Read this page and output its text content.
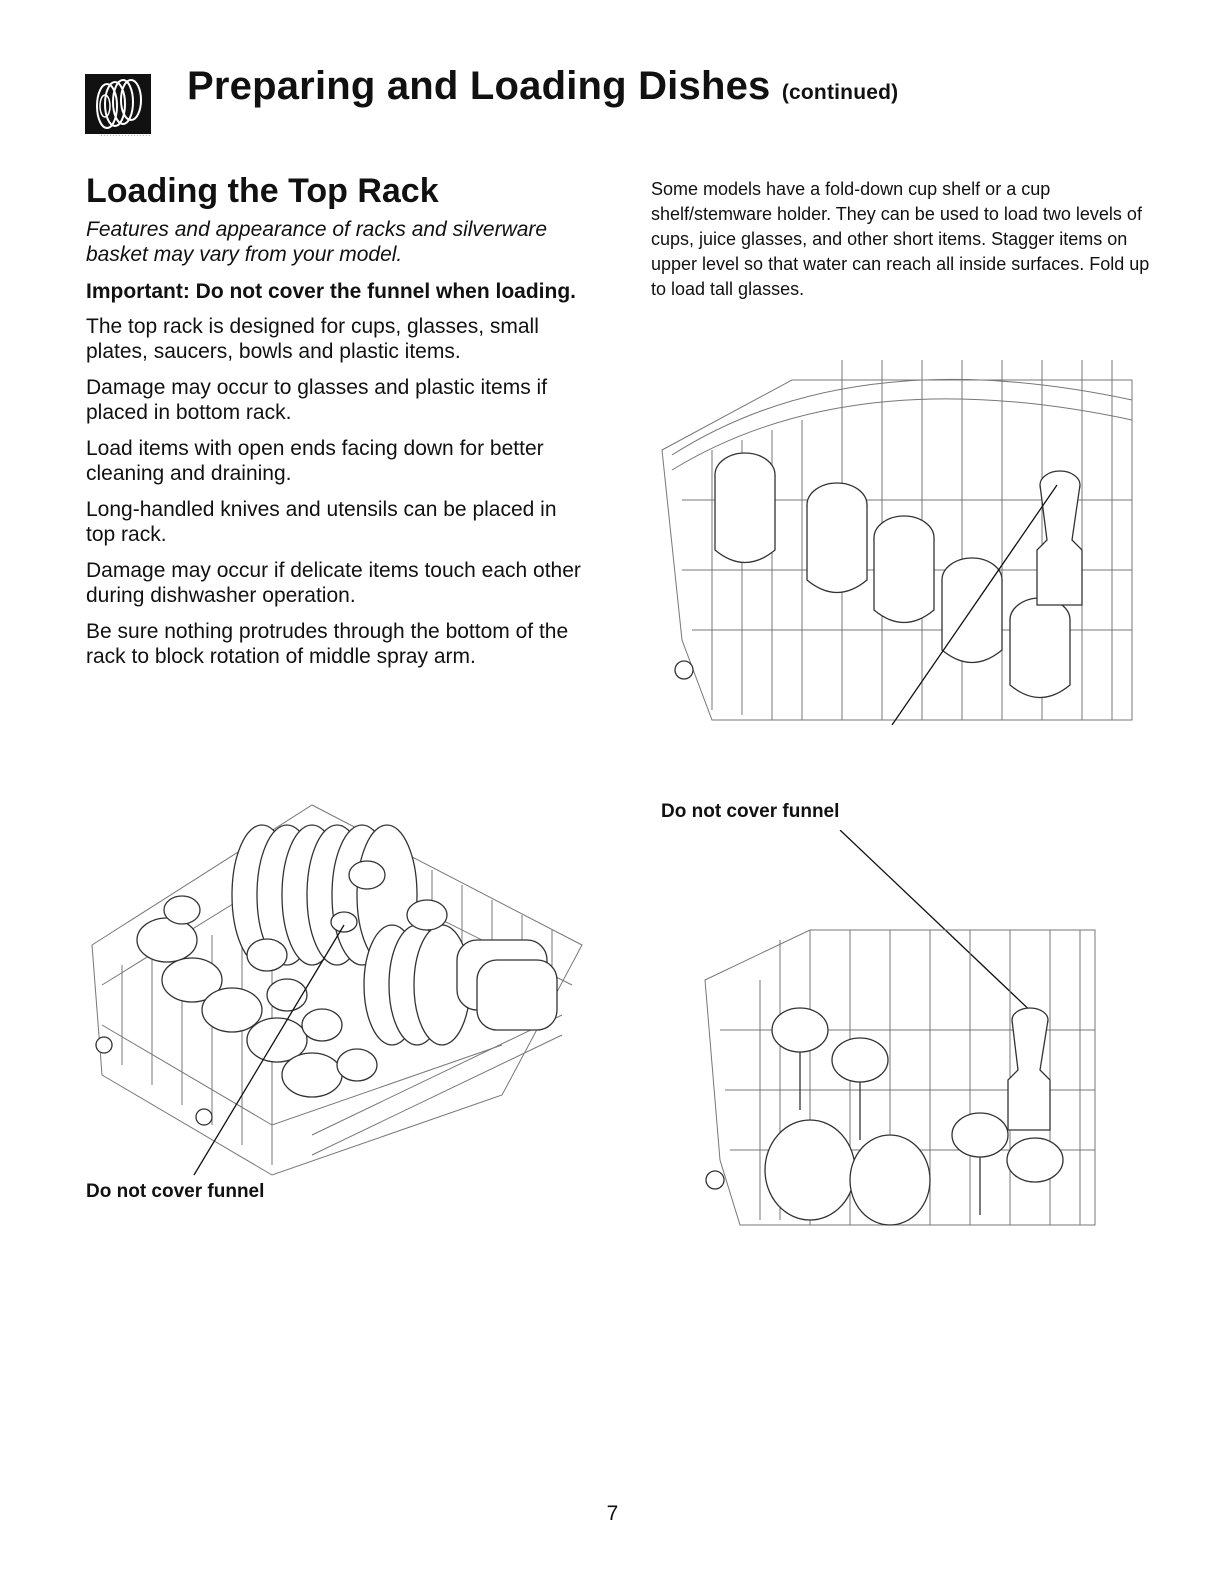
Preparing and Loading Dishes (continued)
Loading the Top Rack

Features and appearance of racks and silverware basket may vary from your model.

Important: Do not cover the funnel when loading.

The top rack is designed for cups, glasses, small plates, saucers, bowls and plastic items.

Damage may occur to glasses and plastic items if placed in bottom rack.

Load items with open ends facing down for better cleaning and draining.

Long-handled knives and utensils can be placed in top rack.

Damage may occur if delicate items touch each other during dishwasher operation.

Be sure nothing protrudes through the bottom of the rack to block rotation of middle spray arm.

Some models have a fold-down cup shelf or a cup shelf/stemware holder. They can be used to load two levels of cups, juice glasses, and other short items. Stagger items on upper level so that water can reach all inside surfaces. Fold up to load tall glasses.

Do not cover funnel
Do not cover funnel
7
